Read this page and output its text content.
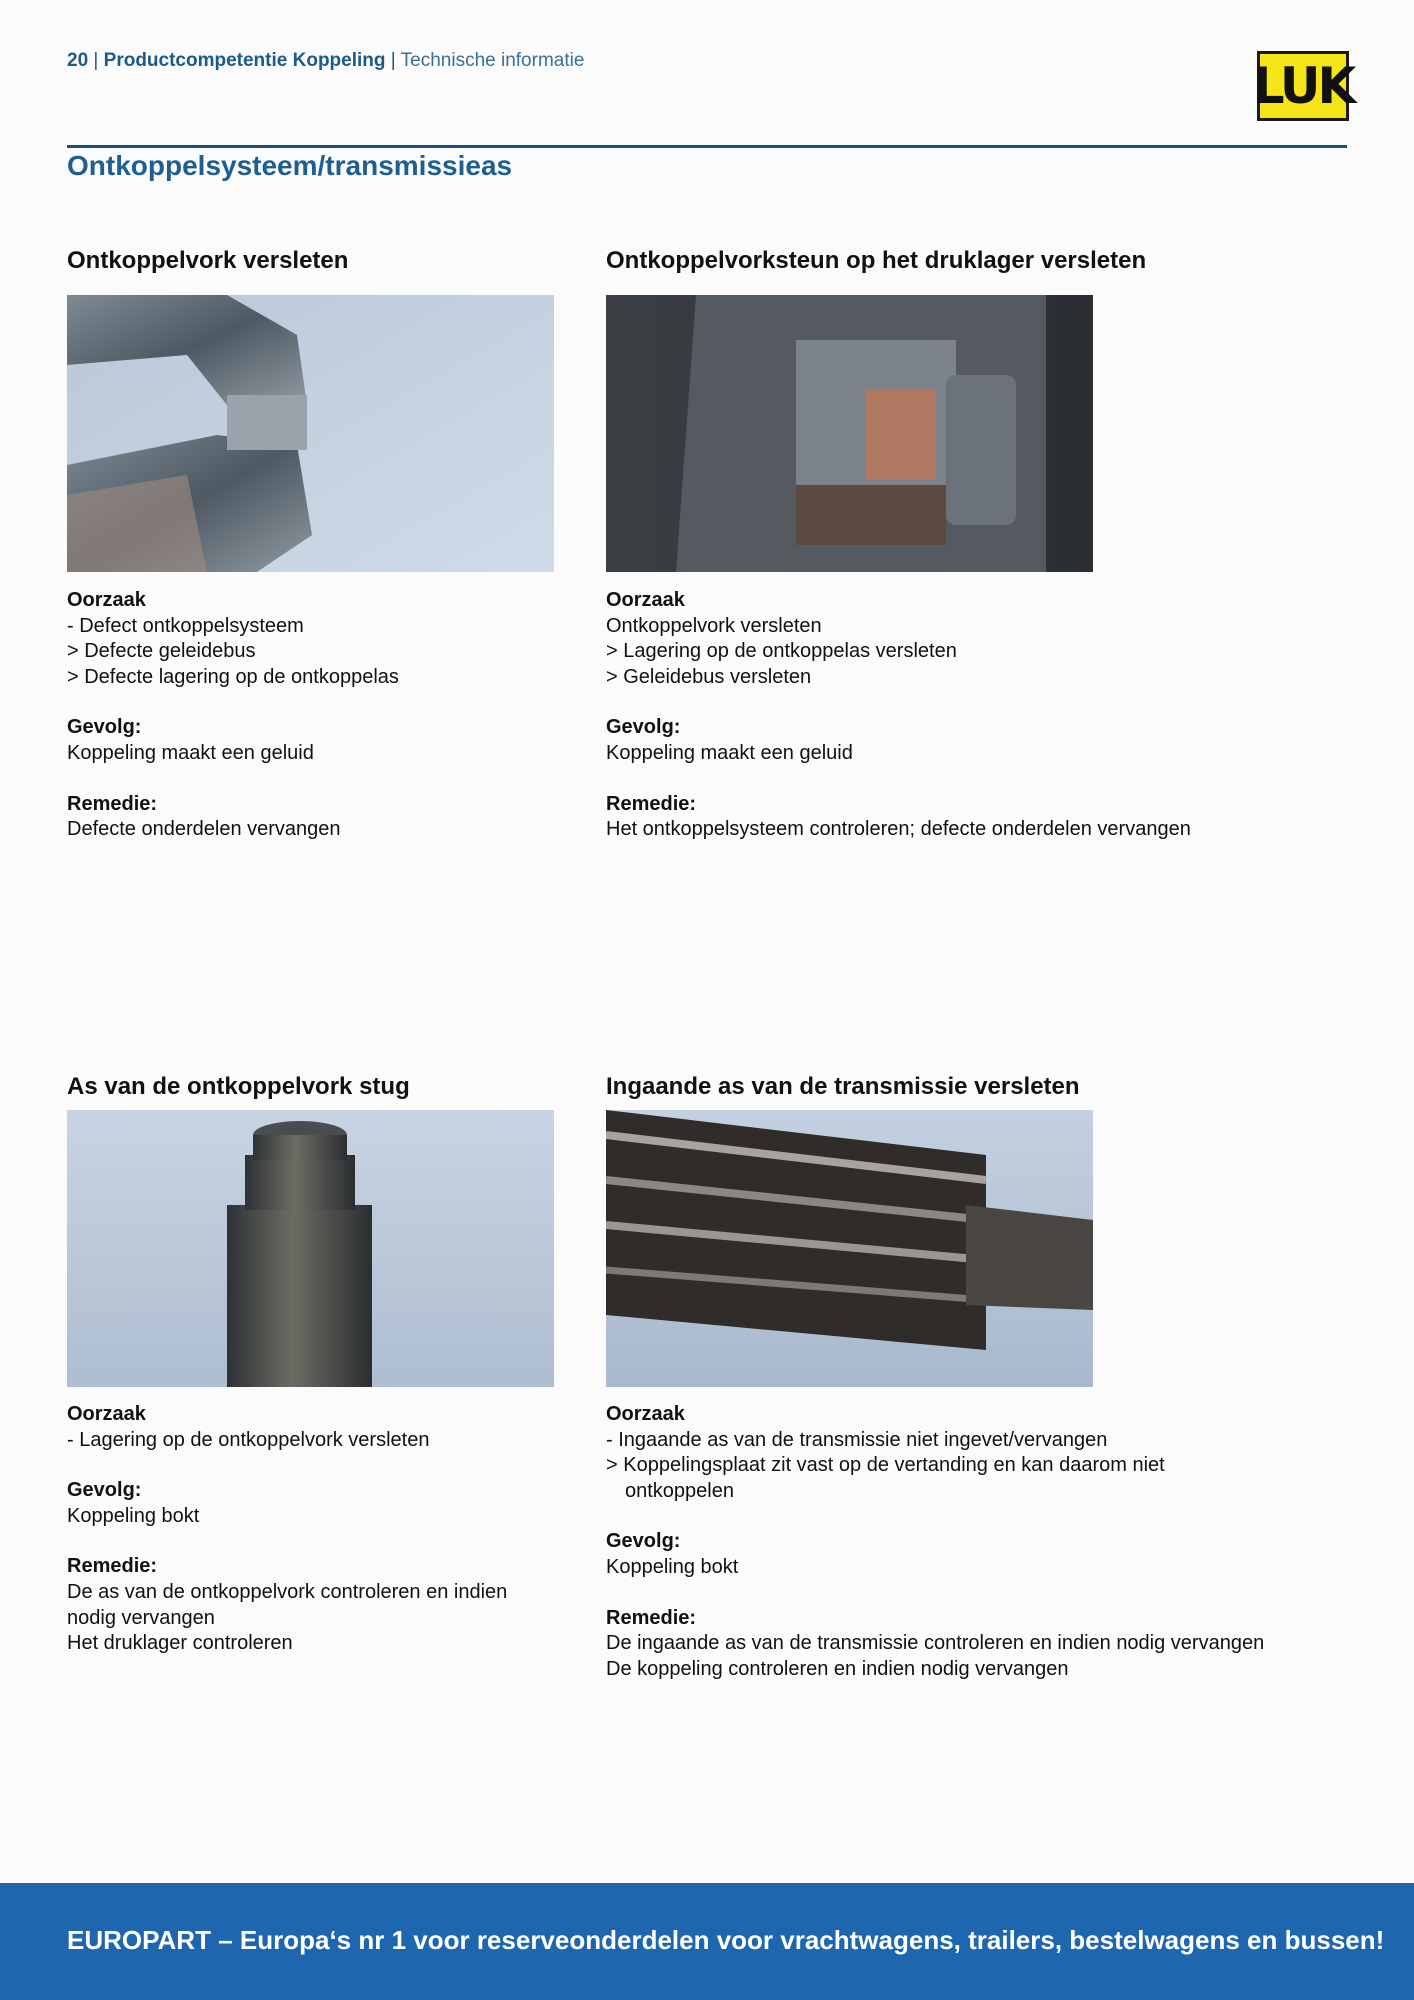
20 | Productcompetentie Koppeling | Technische informatie	LUK
Ontkoppelsysteem/transmissieas
Ontkoppelvork versleten
Oorzaak
- Defect ontkoppelsysteem
> Defecte geleidebus
> Defecte lagering op de ontkoppelas
Gevolg:
Koppeling maakt een geluid
Remedie:
Defecte onderdelen vervangen
Ontkoppelvorksteun op het druklager versleten
Oorzaak
Ontkoppelvork versleten
> Lagering op de ontkoppelas versleten
> Geleidebus versleten
Gevolg:
Koppeling maakt een geluid
Remedie:
Het ontkoppelsysteem controleren; defecte onderdelen vervangen
As van de ontkoppelvork stug
Oorzaak
- Lagering op de ontkoppelvork versleten
Gevolg:
Koppeling bokt
Remedie:
De as van de ontkoppelvork controleren en indien
nodig vervangen
Het druklager controleren
Ingaande as van de transmissie versleten
Oorzaak
- Ingaande as van de transmissie niet ingevet/vervangen
> Koppelingsplaat zit vast op de vertanding en kan daarom niet
ontkoppelen
Gevolg:
Koppeling bokt
Remedie:
De ingaande as van de transmissie controleren en indien nodig vervangen
De koppeling controleren en indien nodig vervangen
EUROPART – Europa‘s nr 1 voor reserveonderdelen voor vrachtwagens, trailers, bestelwagens en bussen!
